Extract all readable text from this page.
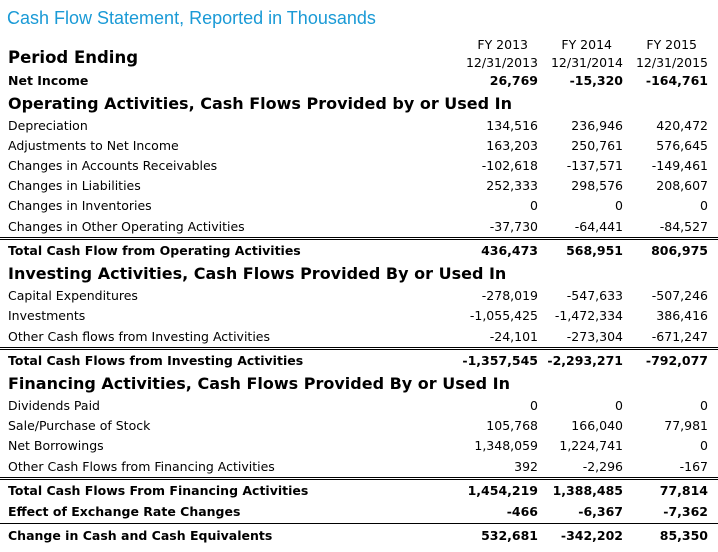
Cash Flow Statement, Reported in Thousands
FY 2013	FY 2014	FY 2015
12/31/2013 12/31/2014 12/31/2015
Period Ending
Net Income	26,769	-15,320 -164,761
Operating Activities, Cash Flows Provided by or Used In
Depreciation	134,516	236,946	420,472
Adjustments to Net Income	163,203	250,761	576,645
Changes in Accounts Receivables	-102,618 -137,571 -149,461
Changes in Liabilities	252,333	298,576	208,607
Changes in Inventories	0	0	0
Changes in Other Operating Activities	-37,730	-64,441	-84,527
Total Cash Flow from Operating Activities	436,473 568,951 806,975
Investing Activities, Cash Flows Provided By or Used In
Capital Expenditures	-278,019 -547,633 -507,246
Investments	-1,055,425 -1,472,334	386,416
Other Cash flows from Investing Activities	-24,101 -273,304 -671,247
Total Cash Flows from Investing Activities	-1,357,545 -2,293,271 -792,077
Financing Activities, Cash Flows Provided By or Used In
Dividends Paid	0	0	0
Sale/Purchase of Stock	105,768	166,040	77,981
Net Borrowings	1,348,059 1,224,741	0
Other Cash Flows from Financing Activities	392	-2,296	-167
Total Cash Flows From Financing Activities	1,454,219 1,388,485	77,814
Effect of Exchange Rate Changes	-466	-6,367	-7,362
Change in Cash and Cash Equivalents	532,681 -342,202	85,350
